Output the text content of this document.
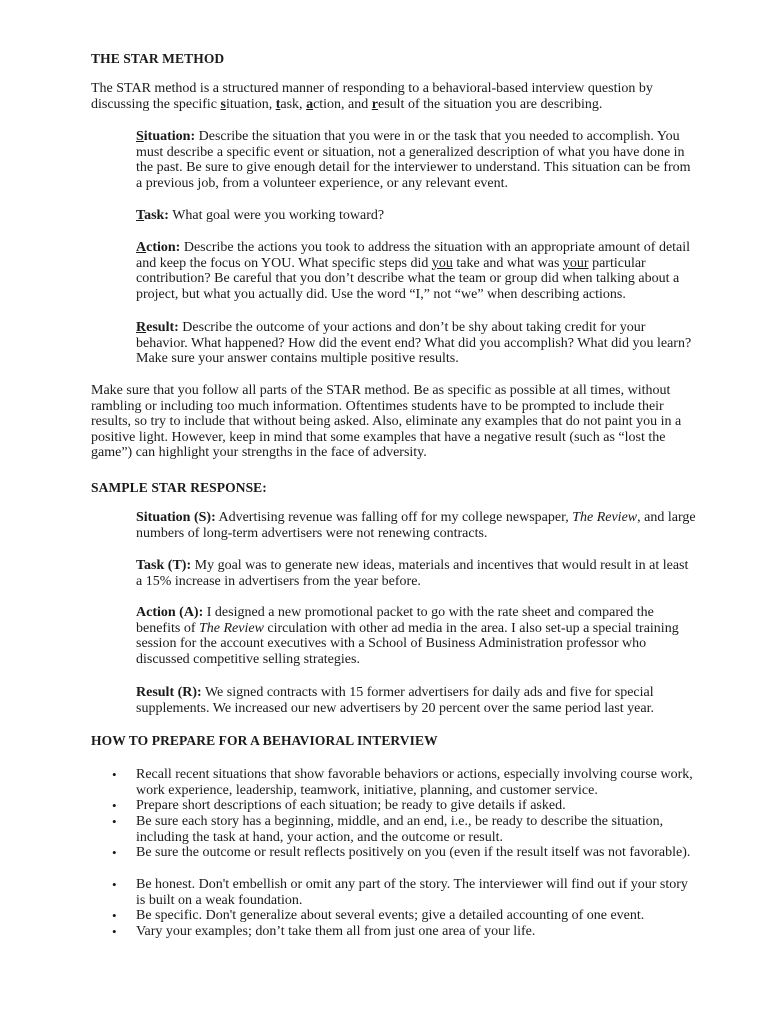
THE STAR METHOD
The STAR method is a structured manner of responding to a behavioral-based interview question by discussing the specific situation, task, action, and result of the situation you are describing.
Situation: Describe the situation that you were in or the task that you needed to accomplish. You must describe a specific event or situation, not a generalized description of what you have done in the past. Be sure to give enough detail for the interviewer to understand. This situation can be from a previous job, from a volunteer experience, or any relevant event.
Task: What goal were you working toward?
Action: Describe the actions you took to address the situation with an appropriate amount of detail and keep the focus on YOU. What specific steps did you take and what was your particular contribution? Be careful that you don’t describe what the team or group did when talking about a project, but what you actually did. Use the word “I,” not “we” when describing actions.
Result: Describe the outcome of your actions and don’t be shy about taking credit for your behavior. What happened? How did the event end? What did you accomplish? What did you learn? Make sure your answer contains multiple positive results.
Make sure that you follow all parts of the STAR method. Be as specific as possible at all times, without rambling or including too much information. Oftentimes students have to be prompted to include their results, so try to include that without being asked. Also, eliminate any examples that do not paint you in a positive light. However, keep in mind that some examples that have a negative result (such as “lost the game”) can highlight your strengths in the face of adversity.
SAMPLE STAR RESPONSE:
Situation (S): Advertising revenue was falling off for my college newspaper, The Review, and large numbers of long-term advertisers were not renewing contracts.
Task (T): My goal was to generate new ideas, materials and incentives that would result in at least a 15% increase in advertisers from the year before.
Action (A): I designed a new promotional packet to go with the rate sheet and compared the benefits of The Review circulation with other ad media in the area. I also set-up a special training session for the account executives with a School of Business Administration professor who discussed competitive selling strategies.
Result (R): We signed contracts with 15 former advertisers for daily ads and five for special supplements. We increased our new advertisers by 20 percent over the same period last year.
HOW TO PREPARE FOR A BEHAVIORAL INTERVIEW
•	Recall recent situations that show favorable behaviors or actions, especially involving course work, work experience, leadership, teamwork, initiative, planning, and customer service.
•	Prepare short descriptions of each situation; be ready to give details if asked.
•	Be sure each story has a beginning, middle, and an end, i.e., be ready to describe the situation, including the task at hand, your action, and the outcome or result.
•	Be sure the outcome or result reflects positively on you (even if the result itself was not favorable).
•	Be honest. Don't embellish or omit any part of the story. The interviewer will find out if your story is built on a weak foundation.
•	Be specific. Don't generalize about several events; give a detailed accounting of one event.
•	Vary your examples; don’t take them all from just one area of your life.
